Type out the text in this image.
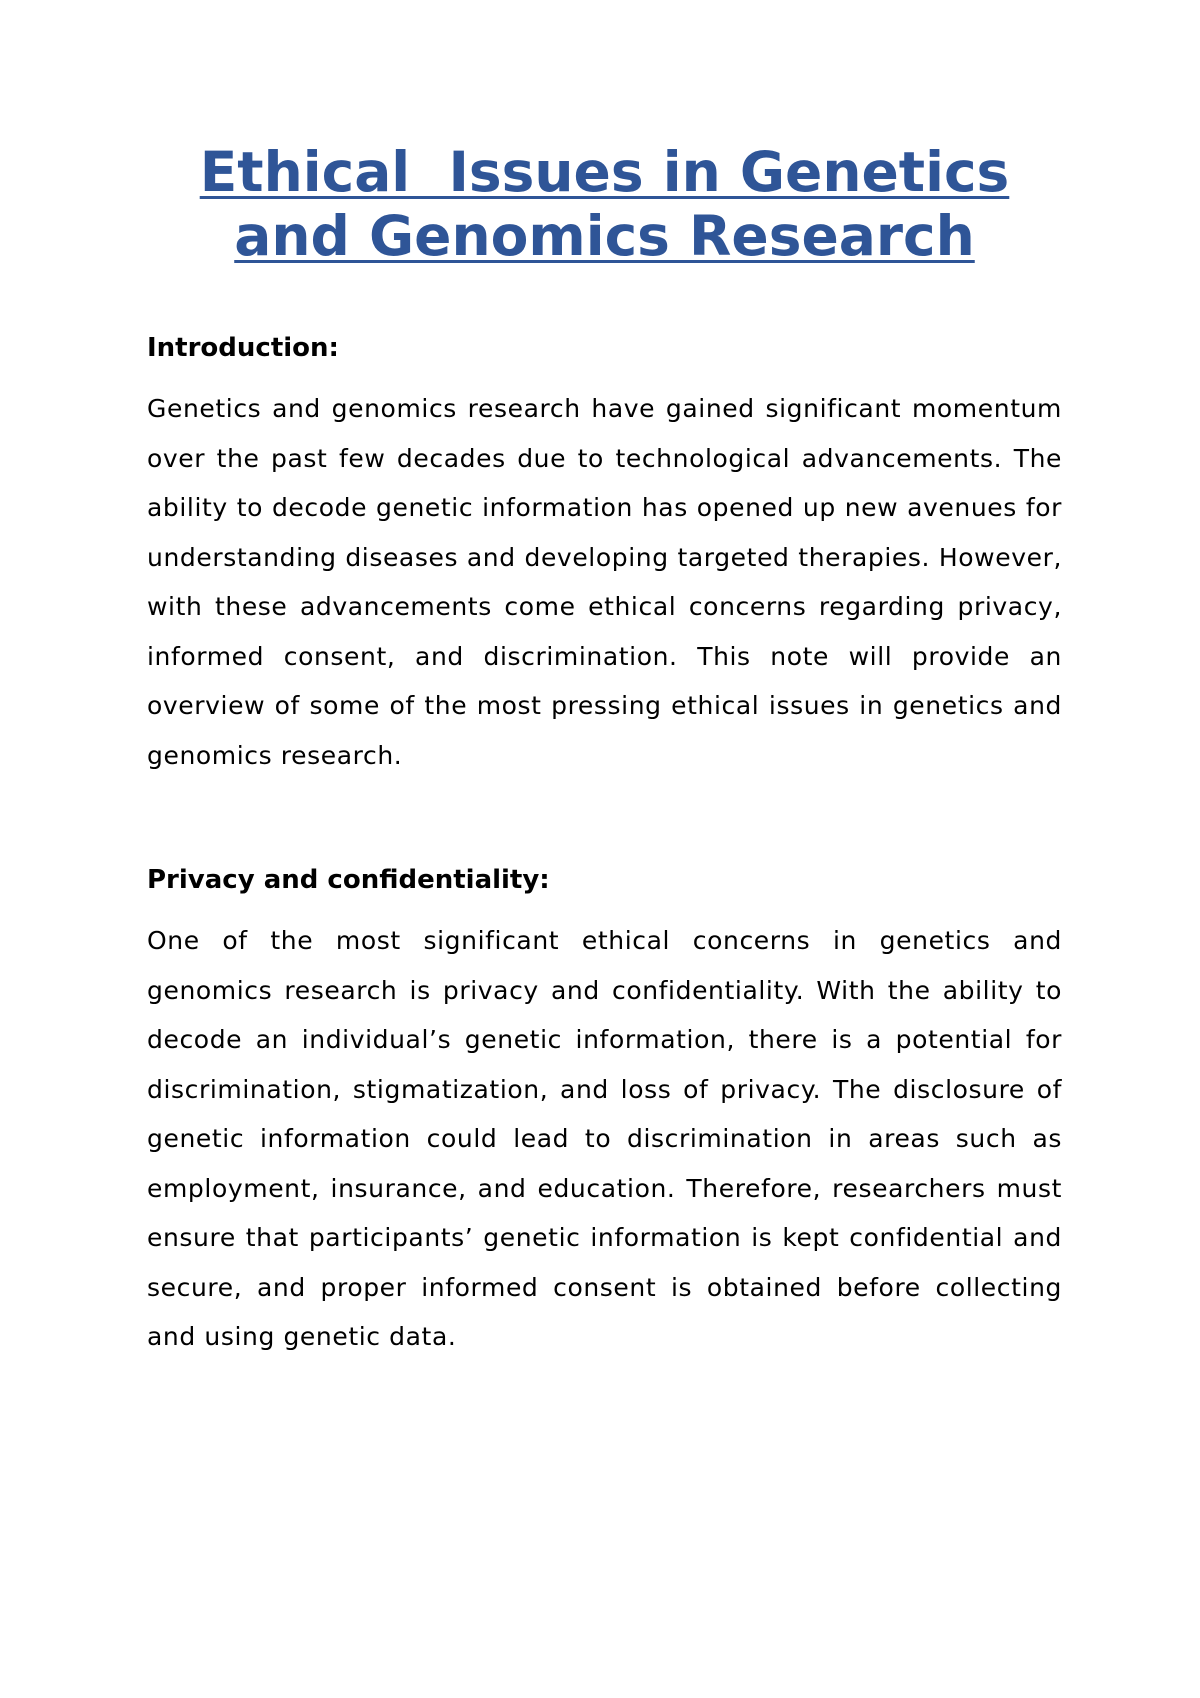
Ethical  Issues in Genetics
and Genomics Research
Introduction:

Genetics and genomics research have gained significant momentum over the past few decades due to technological advancements. The ability to decode genetic information has opened up new avenues for understanding diseases and developing targeted therapies. However, with these advancements come ethical concerns regarding privacy, informed consent, and discrimination. This note will provide an overview of some of the most pressing ethical issues in genetics and genomics research.

Privacy and confidentiality:

One of the most significant ethical concerns in genetics and genomics research is privacy and confidentiality. With the ability to decode an individual’s genetic information, there is a potential for discrimination, stigmatization, and loss of privacy. The disclosure of genetic information could lead to discrimination in areas such as employment, insurance, and education. Therefore, researchers must ensure that participants’ genetic information is kept confidential and secure, and proper informed consent is obtained before collecting and using genetic data.
